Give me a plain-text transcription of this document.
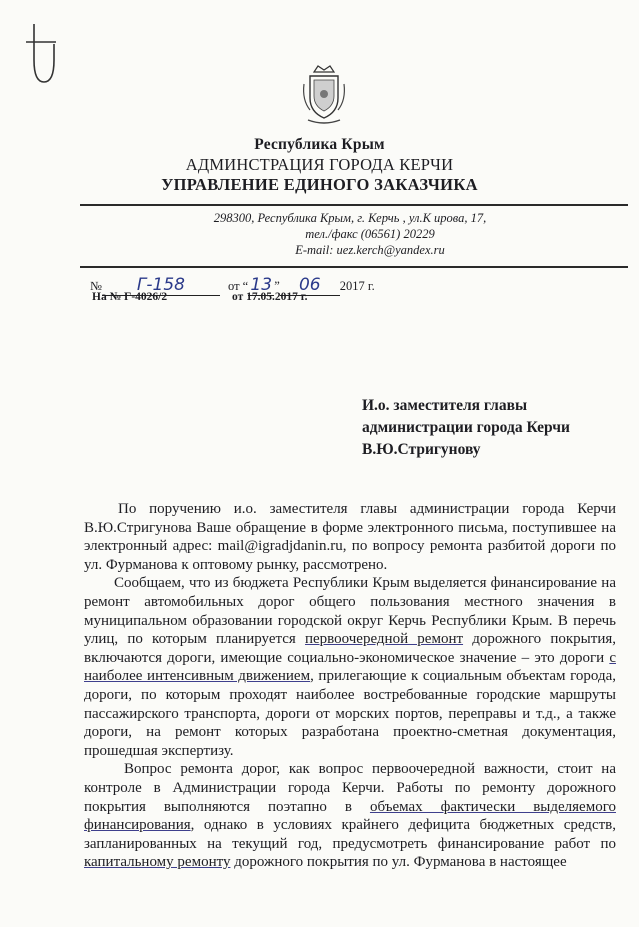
Республика Крым
АДМИНСТРАЦИЯ ГОРОДА КЕРЧИ
УПРАВЛЕНИЕ ЕДИНОГО ЗАКАЗЧИКА
298300, Республика Крым, г. Керчь , ул.К ирова, 17,
тел./факс (06561) 20229
E-mail: uez.kerch@yandex.ru
№ Г-158	от “ 13 ” 06 2017 г.
На № Г-4026/2	от 17.05.2017 г.
И.о. заместителя главы
администрации города Керчи
В.Ю.Стригунову

По поручению и.о. заместителя главы администрации города Керчи В.Ю.Стригунова Ваше обращение в форме электронного письма, поступившее на электронный адрес: mail@igradjdanin.ru, по вопросу ремонта разбитой дороги по ул. Фурманова к оптовому рынку, рассмотрено.

Сообщаем, что из бюджета Республики Крым выделяется финансирование на ремонт автомобильных дорог общего пользования местного значения в муниципальном образовании городской округ Керчь Республики Крым. В перечь улиц, по которым планируется первоочередной ремонт дорожного покрытия, включаются дороги, имеющие социально-экономическое значение – это дороги с наиболее интенсивным движением, прилегающие к социальным объектам города, дороги, по которым проходят наиболее востребованные городские маршруты пассажирского транспорта, дороги от морских портов, переправы и т.д., а также дороги, на ремонт которых разработана проектно-сметная документация, прошедшая экспертизу.

Вопрос ремонта дорог, как вопрос первоочередной важности, стоит на контроле в Администрации города Керчи. Работы по ремонту дорожного покрытия выполняются поэтапно в объемах фактически выделяемого финансирования, однако в условиях крайнего дефицита бюджетных средств, запланированных на текущий год, предусмотреть финансирование работ по капитальному ремонту дорожного покрытия по ул. Фурманова в настоящее
